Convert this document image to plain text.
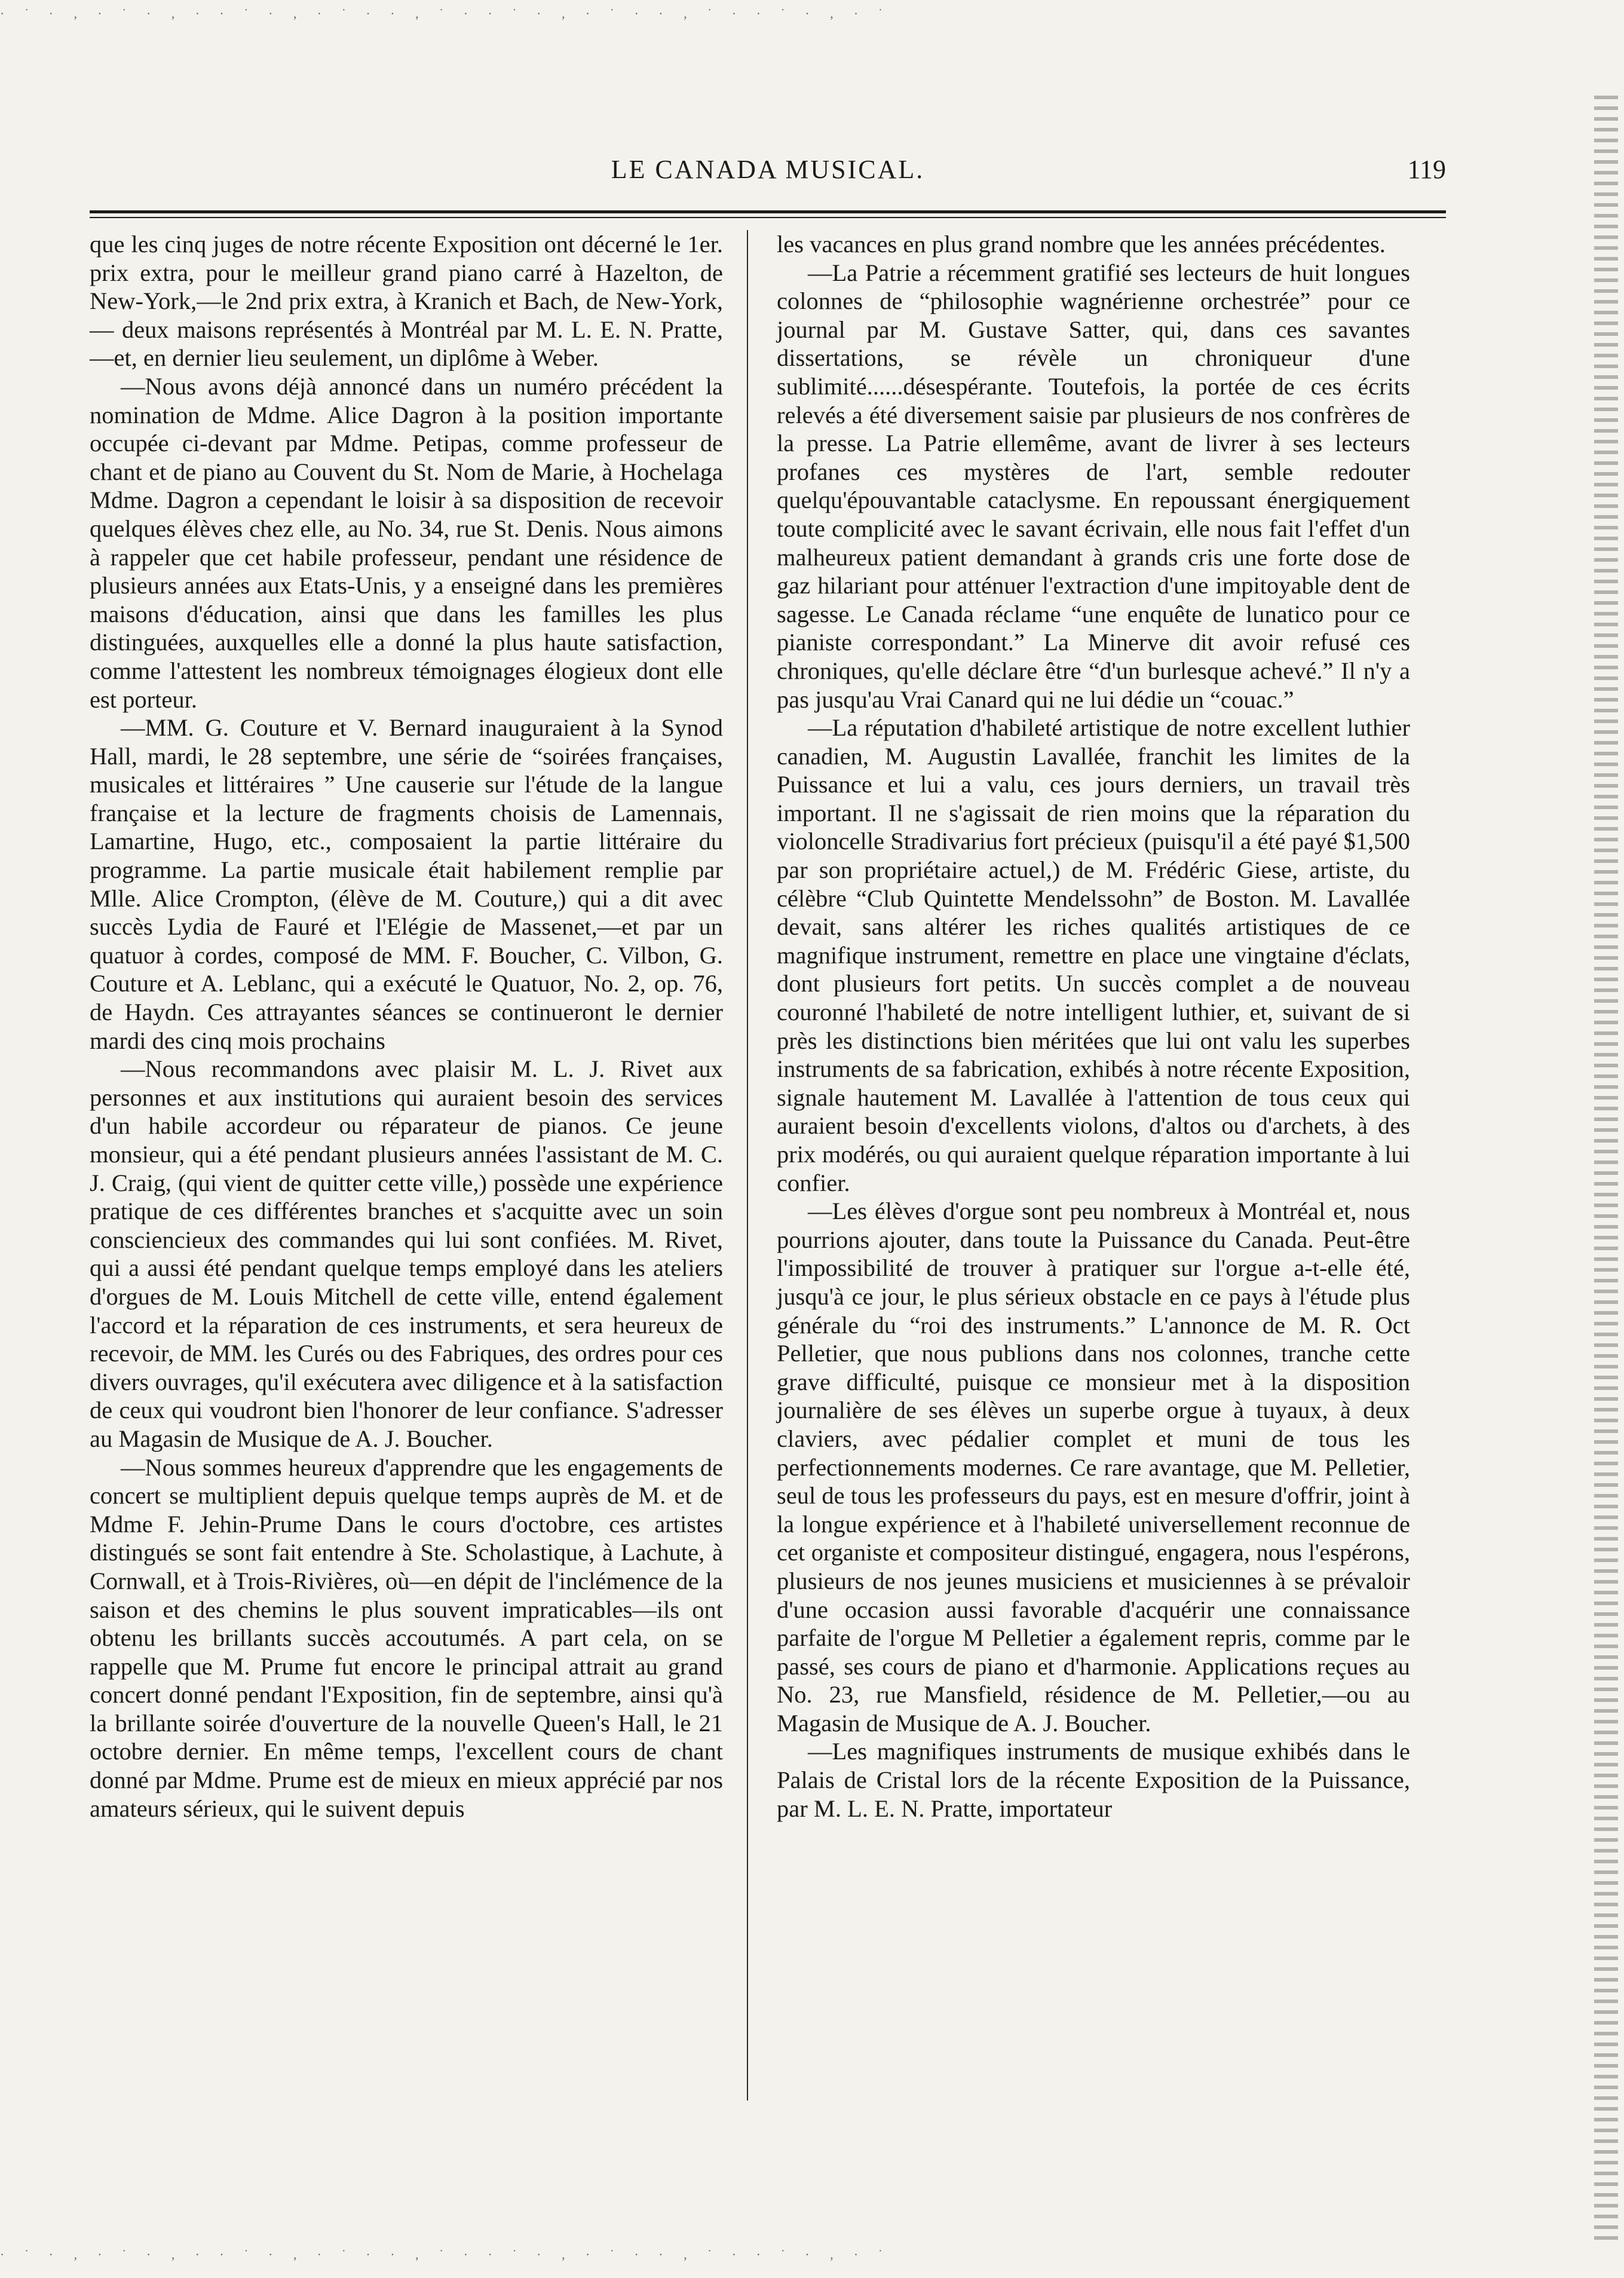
· ˙ · ‚ · ˙ · ‚ · · ˙ · ‚ · ˙ · · ‚ ˙ · · ˙ · ‚ · ˙ · · ‚ ˙ · · ˙ · ‚ · ˙
LE CANADA MUSICAL.	119

que les cinq juges de notre récente Exposition ont décerné le 1er. prix extra, pour le meilleur grand piano carré à Hazelton, de New-York,—le 2nd prix extra, à Kranich et Bach, de New-York, — deux maisons représentés à Montréal par M. L. E. N. Pratte,—et, en dernier lieu seulement, un diplôme à Weber.

—Nous avons déjà annoncé dans un numéro précédent la nomination de Mdme. Alice Dagron à la position importante occupée ci-devant par Mdme. Petipas, comme professeur de chant et de piano au Couvent du St. Nom de Marie, à Hochelaga Mdme. Dagron a cependant le loisir à sa disposition de recevoir quelques élèves chez elle, au No. 34, rue St. Denis. Nous aimons à rappeler que cet habile professeur, pendant une résidence de plusieurs années aux Etats-Unis, y a enseigné dans les premières maisons d'éducation, ainsi que dans les familles les plus distinguées, auxquelles elle a donné la plus haute satisfaction, comme l'attestent les nombreux témoignages élogieux dont elle est porteur.

—MM. G. Couture et V. Bernard inauguraient à la Synod Hall, mardi, le 28 septembre, une série de “soirées françaises, musicales et littéraires ” Une causerie sur l'étude de la langue française et la lecture de fragments choisis de Lamennais, Lamartine, Hugo, etc., composaient la partie littéraire du programme. La partie musicale était habilement remplie par Mlle. Alice Crompton, (élève de M. Couture,) qui a dit avec succès Lydia de Fauré et l'Elégie de Massenet,—et par un quatuor à cordes, composé de MM. F. Boucher, C. Vilbon, G. Couture et A. Leblanc, qui a exécuté le Quatuor, No. 2, op. 76, de Haydn. Ces attrayantes séances se continueront le dernier mardi des cinq mois prochains

—Nous recommandons avec plaisir M. L. J. Rivet aux personnes et aux institutions qui auraient besoin des services d'un habile accordeur ou réparateur de pianos. Ce jeune monsieur, qui a été pendant plusieurs années l'assistant de M. C. J. Craig, (qui vient de quitter cette ville,) possède une expérience pratique de ces différentes branches et s'acquitte avec un soin consciencieux des commandes qui lui sont confiées. M. Rivet, qui a aussi été pendant quelque temps employé dans les ateliers d'orgues de M. Louis Mitchell de cette ville, entend également l'accord et la réparation de ces instruments, et sera heureux de recevoir, de MM. les Curés ou des Fabriques, des ordres pour ces divers ouvrages, qu'il exécutera avec diligence et à la satisfaction de ceux qui voudront bien l'honorer de leur confiance. S'adresser au Magasin de Musique de A. J. Boucher.

—Nous sommes heureux d'apprendre que les engagements de concert se multiplient depuis quelque temps auprès de M. et de Mdme F. Jehin-Prume Dans le cours d'octobre, ces artistes distingués se sont fait entendre à Ste. Scholastique, à Lachute, à Cornwall, et à Trois-Rivières, où—en dépit de l'inclémence de la saison et des chemins le plus souvent impraticables—ils ont obtenu les brillants succès accoutumés. A part cela, on se rappelle que M. Prume fut encore le principal attrait au grand concert donné pendant l'Exposition, fin de septembre, ainsi qu'à la brillante soirée d'ouverture de la nouvelle Queen's Hall, le 21 octobre dernier. En même temps, l'excellent cours de chant donné par Mdme. Prume est de mieux en mieux apprécié par nos amateurs sérieux, qui le suivent depuis

les vacances en plus grand nombre que les années précédentes.

—La Patrie a récemment gratifié ses lecteurs de huit longues colonnes de “philosophie wagnérienne orchestrée” pour ce journal par M. Gustave Satter, qui, dans ces savantes dissertations, se révèle un chroniqueur d'une sublimité......désespérante. Toutefois, la portée de ces écrits relevés a été diversement saisie par plusieurs de nos confrères de la presse. La Patrie ellemême, avant de livrer à ses lecteurs profanes ces mystères de l'art, semble redouter quelqu'épouvantable cataclysme. En repoussant énergiquement toute complicité avec le savant écrivain, elle nous fait l'effet d'un malheureux patient demandant à grands cris une forte dose de gaz hilariant pour atténuer l'extraction d'une impitoyable dent de sagesse. Le Canada réclame “une enquête de lunatico pour ce pianiste correspondant.” La Minerve dit avoir refusé ces chroniques, qu'elle déclare être “d'un burlesque achevé.” Il n'y a pas jusqu'au Vrai Canard qui ne lui dédie un “couac.”

—La réputation d'habileté artistique de notre excellent luthier canadien, M. Augustin Lavallée, franchit les limites de la Puissance et lui a valu, ces jours derniers, un travail très important. Il ne s'agissait de rien moins que la réparation du violoncelle Stradivarius fort précieux (puisqu'il a été payé $1,500 par son propriétaire actuel,) de M. Frédéric Giese, artiste, du célèbre “Club Quintette Mendelssohn” de Boston. M. Lavallée devait, sans altérer les riches qualités artistiques de ce magnifique instrument, remettre en place une vingtaine d'éclats, dont plusieurs fort petits. Un succès complet a de nouveau couronné l'habileté de notre intelligent luthier, et, suivant de si près les distinctions bien méritées que lui ont valu les superbes instruments de sa fabrication, exhibés à notre récente Exposition, signale hautement M. Lavallée à l'attention de tous ceux qui auraient besoin d'excellents violons, d'altos ou d'archets, à des prix modérés, ou qui auraient quelque réparation importante à lui confier.

—Les élèves d'orgue sont peu nombreux à Montréal et, nous pourrions ajouter, dans toute la Puissance du Canada. Peut-être l'impossibilité de trouver à pratiquer sur l'orgue a-t-elle été, jusqu'à ce jour, le plus sérieux obstacle en ce pays à l'étude plus générale du “roi des instruments.” L'annonce de M. R. Oct Pelletier, que nous publions dans nos colonnes, tranche cette grave difficulté, puisque ce monsieur met à la disposition journalière de ses élèves un superbe orgue à tuyaux, à deux claviers, avec pédalier complet et muni de tous les perfectionnements modernes. Ce rare avantage, que M. Pelletier, seul de tous les professeurs du pays, est en mesure d'offrir, joint à la longue expérience et à l'habileté universellement reconnue de cet organiste et compositeur distingué, engagera, nous l'espérons, plusieurs de nos jeunes musiciens et musiciennes à se prévaloir d'une occasion aussi favorable d'acquérir une connaissance parfaite de l'orgue M Pelletier a également repris, comme par le passé, ses cours de piano et d'harmonie. Applications reçues au No. 23, rue Mansfield, résidence de M. Pelletier,—ou au Magasin de Musique de A. J. Boucher.

—Les magnifiques instruments de musique exhibés dans le Palais de Cristal lors de la récente Exposition de la Puissance, par M. L. E. N. Pratte, importateur

· ˙ · ‚ · ˙ · ‚ · · ˙ · ‚ · ˙ · · ‚ ˙ · · ˙ · ‚ · ˙ · · ‚ ˙ · · ˙ · ‚ · ˙
